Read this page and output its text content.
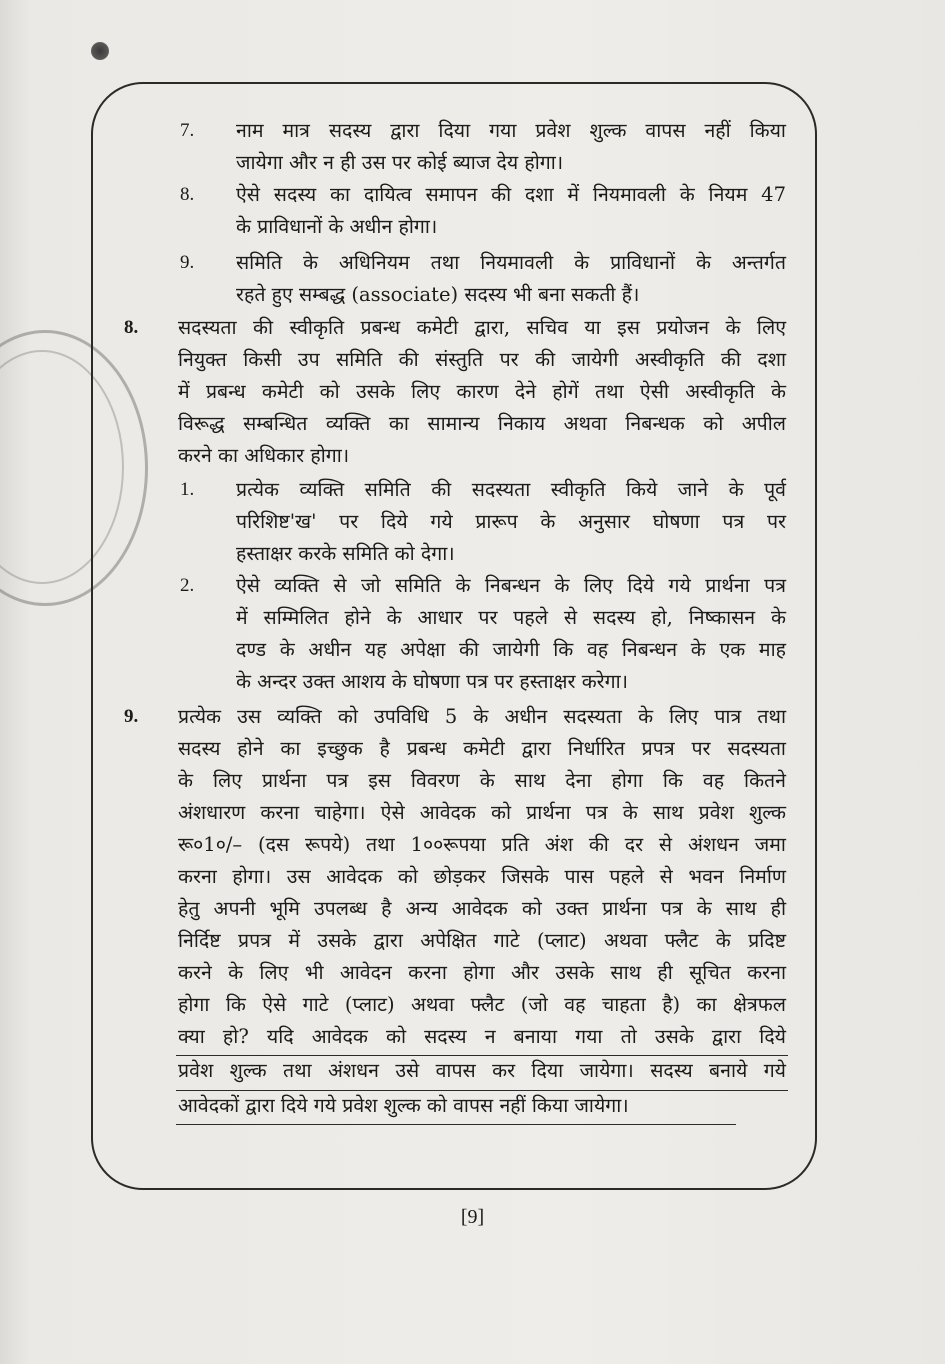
7. नाम मात्र सदस्य द्वारा दिया गया प्रवेश शुल्क वापस नहीं किया
जायेगा और न ही उस पर कोई ब्याज देय होगा।
8. ऐसे सदस्य का दायित्व समापन की दशा में नियमावली के नियम 47
के प्राविधानों के अधीन होगा।
9. समिति के अधिनियम तथा नियमावली के प्राविधानों के अन्तर्गत
रहते हुए सम्बद्ध (associate) सदस्य भी बना सकती हैं।
8. सदस्यता की स्वीकृति प्रबन्ध कमेटी द्वारा, सचिव या इस प्रयोजन के लिए
नियुक्त किसी उप समिति की संस्तुति पर की जायेगी अस्वीकृति की दशा
में प्रबन्ध कमेटी को उसके लिए कारण देने होगें तथा ऐसी अस्वीकृति के
विरूद्ध सम्बन्धित व्यक्ति का सामान्य निकाय अथवा निबन्धक को अपील
करने का अधिकार होगा।
1. प्रत्येक व्यक्ति समिति की सदस्यता स्वीकृति किये जाने के पूर्व
परिशिष्ट'ख' पर दिये गये प्रारूप के अनुसार घोषणा पत्र पर
हस्ताक्षर करके समिति को देगा।
2. ऐसे व्यक्ति से जो समिति के निबन्धन के लिए दिये गये प्रार्थना पत्र
में सम्मिलित होने के आधार पर पहले से सदस्य हो, निष्कासन के
दण्ड के अधीन यह अपेक्षा की जायेगी कि वह निबन्धन के एक माह
के अन्दर उक्त आशय के घोषणा पत्र पर हस्ताक्षर करेगा।
9. प्रत्येक उस व्यक्ति को उपविधि 5 के अधीन सदस्यता के लिए पात्र तथा
सदस्य होने का इच्छुक है प्रबन्ध कमेटी द्वारा निर्धारित प्रपत्र पर सदस्यता
के लिए प्रार्थना पत्र इस विवरण के साथ देना होगा कि वह कितने
अंशधारण करना चाहेगा। ऐसे आवेदक को प्रार्थना पत्र के साथ प्रवेश शुल्क
रू०1०/– (दस रूपये) तथा 1००रूपया प्रति अंश की दर से अंशधन जमा
करना होगा। उस आवेदक को छोड़कर जिसके पास पहले से भवन निर्माण
हेतु अपनी भूमि उपलब्ध है अन्य आवेदक को उक्त प्रार्थना पत्र के साथ ही
निर्दिष्ट प्रपत्र में उसके द्वारा अपेक्षित गाटे (प्लाट) अथवा फ्लैट के प्रदिष्ट
करने के लिए भी आवेदन करना होगा और उसके साथ ही सूचित करना
होगा कि ऐसे गाटे (प्लाट) अथवा फ्लैट (जो वह चाहता है) का क्षेत्रफल
क्या हो? यदि आवेदक को सदस्य न बनाया गया तो उसके द्वारा दिये
प्रवेश शुल्क तथा अंशधन उसे वापस कर दिया जायेगा। सदस्य बनाये गये
आवेदकों द्वारा दिये गये प्रवेश शुल्क को वापस नहीं किया जायेगा।
[9]
